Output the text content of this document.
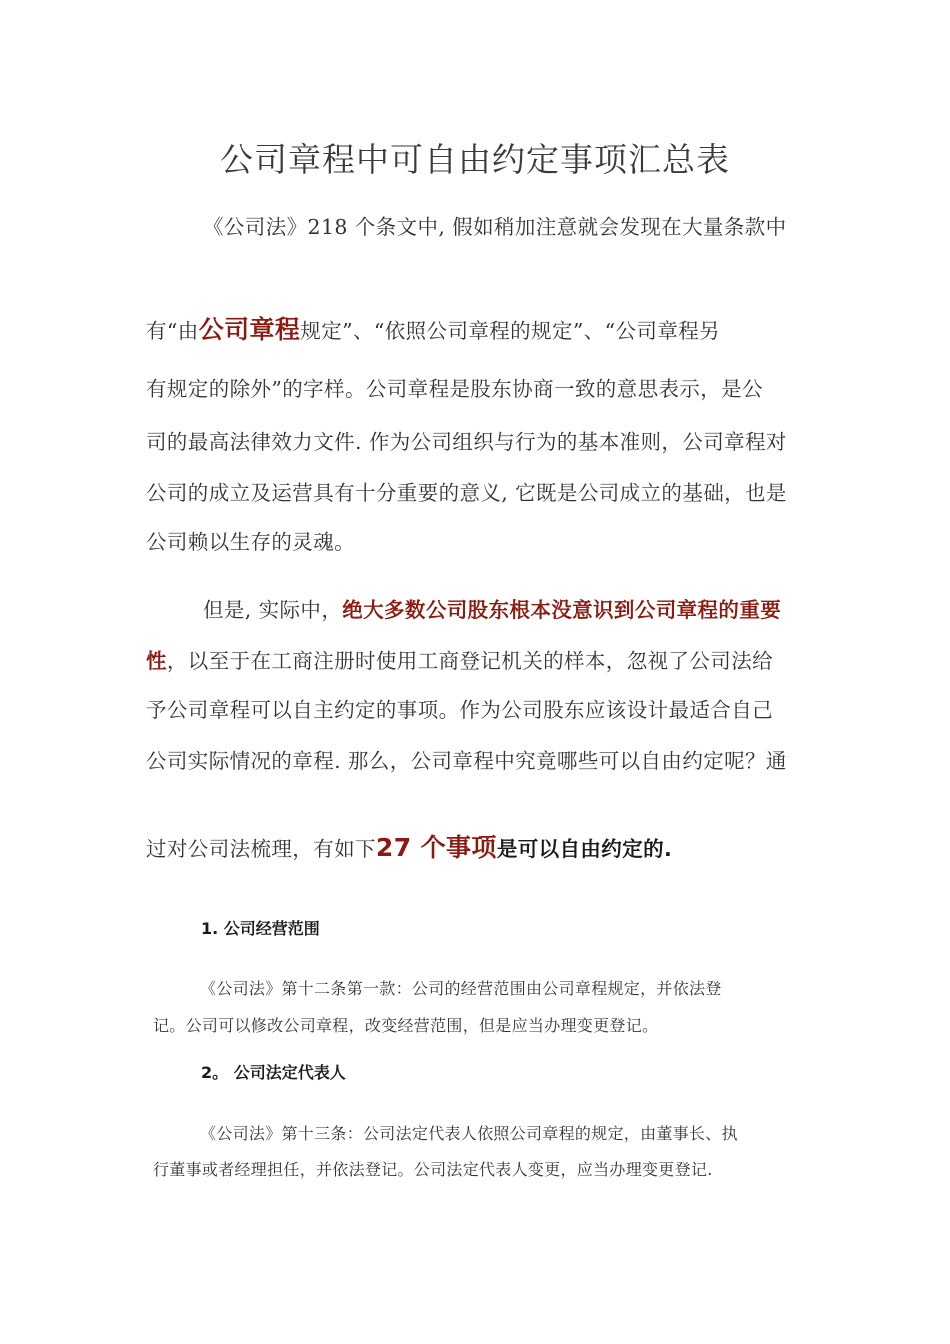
公司章程中可自由约定事项汇总表
《公司法》218 个条文中, 假如稍加注意就会发现在大量条款中
有“由公司章程规定”、“依照公司章程的规定”、“公司章程另
有规定的除外”的字样。公司章程是股东协商一致的意思表示，是公
司的最高法律效力文件. 作为公司组织与行为的基本准则，公司章程对
公司的成立及运营具有十分重要的意义, 它既是公司成立的基础，也是
公司赖以生存的灵魂。
但是, 实际中，绝大多数公司股东根本没意识到公司章程的重要
性，以至于在工商注册时使用工商登记机关的样本，忽视了公司法给
予公司章程可以自主约定的事项。作为公司股东应该设计最适合自己
公司实际情况的章程. 那么，公司章程中究竟哪些可以自由约定呢？通
过对公司法梳理，有如下27 个事项是可以自由约定的.
1. 公司经营范围
《公司法》第十二条第一款：公司的经营范围由公司章程规定，并依法登
记。公司可以修改公司章程，改变经营范围，但是应当办理变更登记。
2。 公司法定代表人
《公司法》第十三条：公司法定代表人依照公司章程的规定，由董事长、执
行董事或者经理担任，并依法登记。公司法定代表人变更，应当办理变更登记.
